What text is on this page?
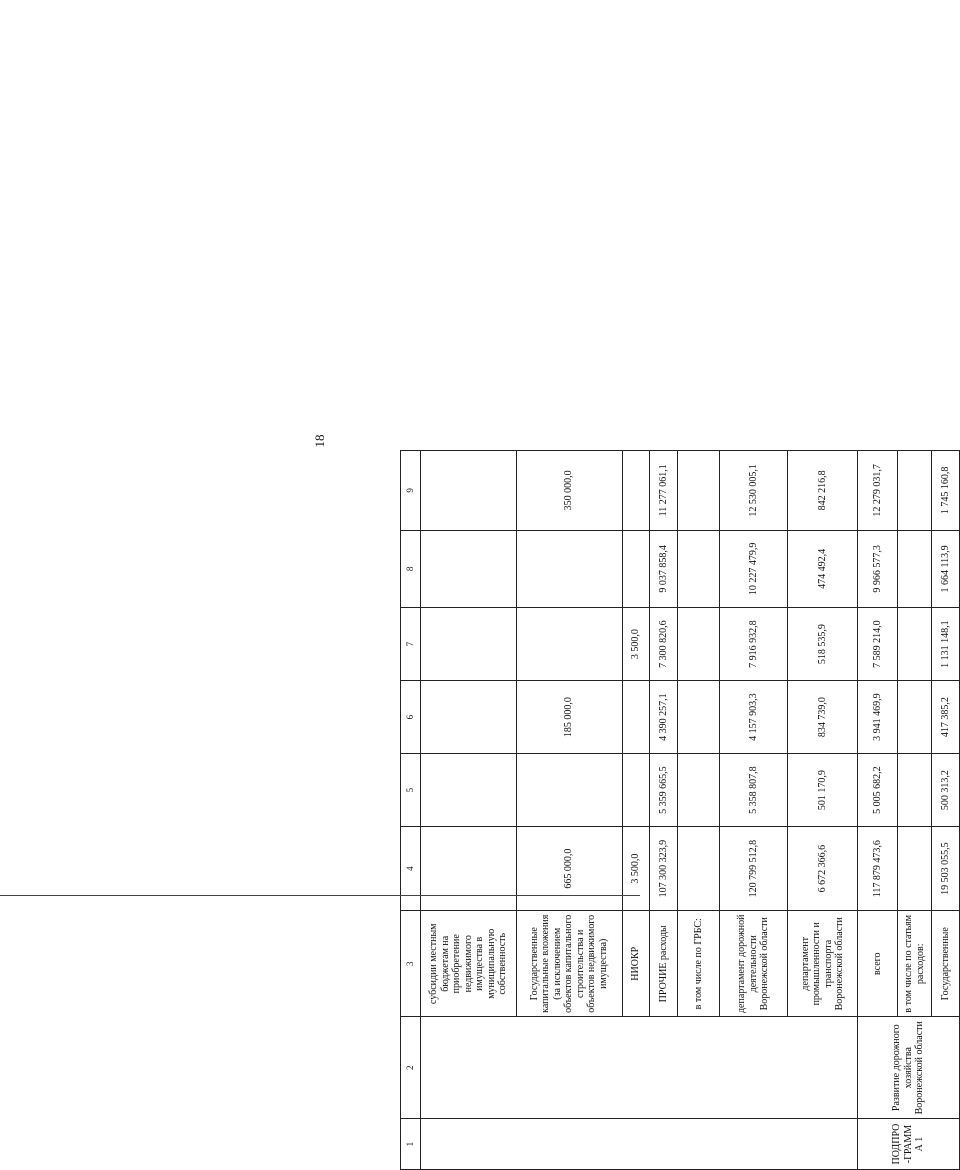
18
1	2	3	4	5	6	7	8	9
		субсидии местным бюджетам на приобретение недвижимого имущества в муниципальную собственность						
		Государственные капитальные вложения (за исключением объектов капитального строительства и объектов недвижимого имущества)	665 000,0		185 000,0			350 000,0
		НИОКР	3 500,0			3 500,0		
		ПРОЧИЕ расходы	107 300 323,9	5 359 665,5	4 390 257,1	7 300 820,6	9 037 858,4	11 277 061,1
		в том числе по ГРБС:						
		департамент дорожной деятельности Воронежской области	120 799 512,8	5 358 807,8	4 157 903,3	7 916 932,8	10 227 479,9	12 530 005,1
		департамент промышленности и транспорта Воронежской области	6 672 366,6	501 170,9	834 739,0	518 535,9	474 492,4	842 216,8
ПОДПРО-ГРАММА 1	Развитие дорожного хозяйства Воронежской области	всего	117 879 473,6	5 005 682,2	3 941 469,9	7 589 214,0	9 966 577,3	12 279 031,7
		в том числе по статьям расходов:						
		Государственные	19 503 055,5	500 313,2	417 385,2	1 131 148,1	1 664 113,9	1 745 160,8
